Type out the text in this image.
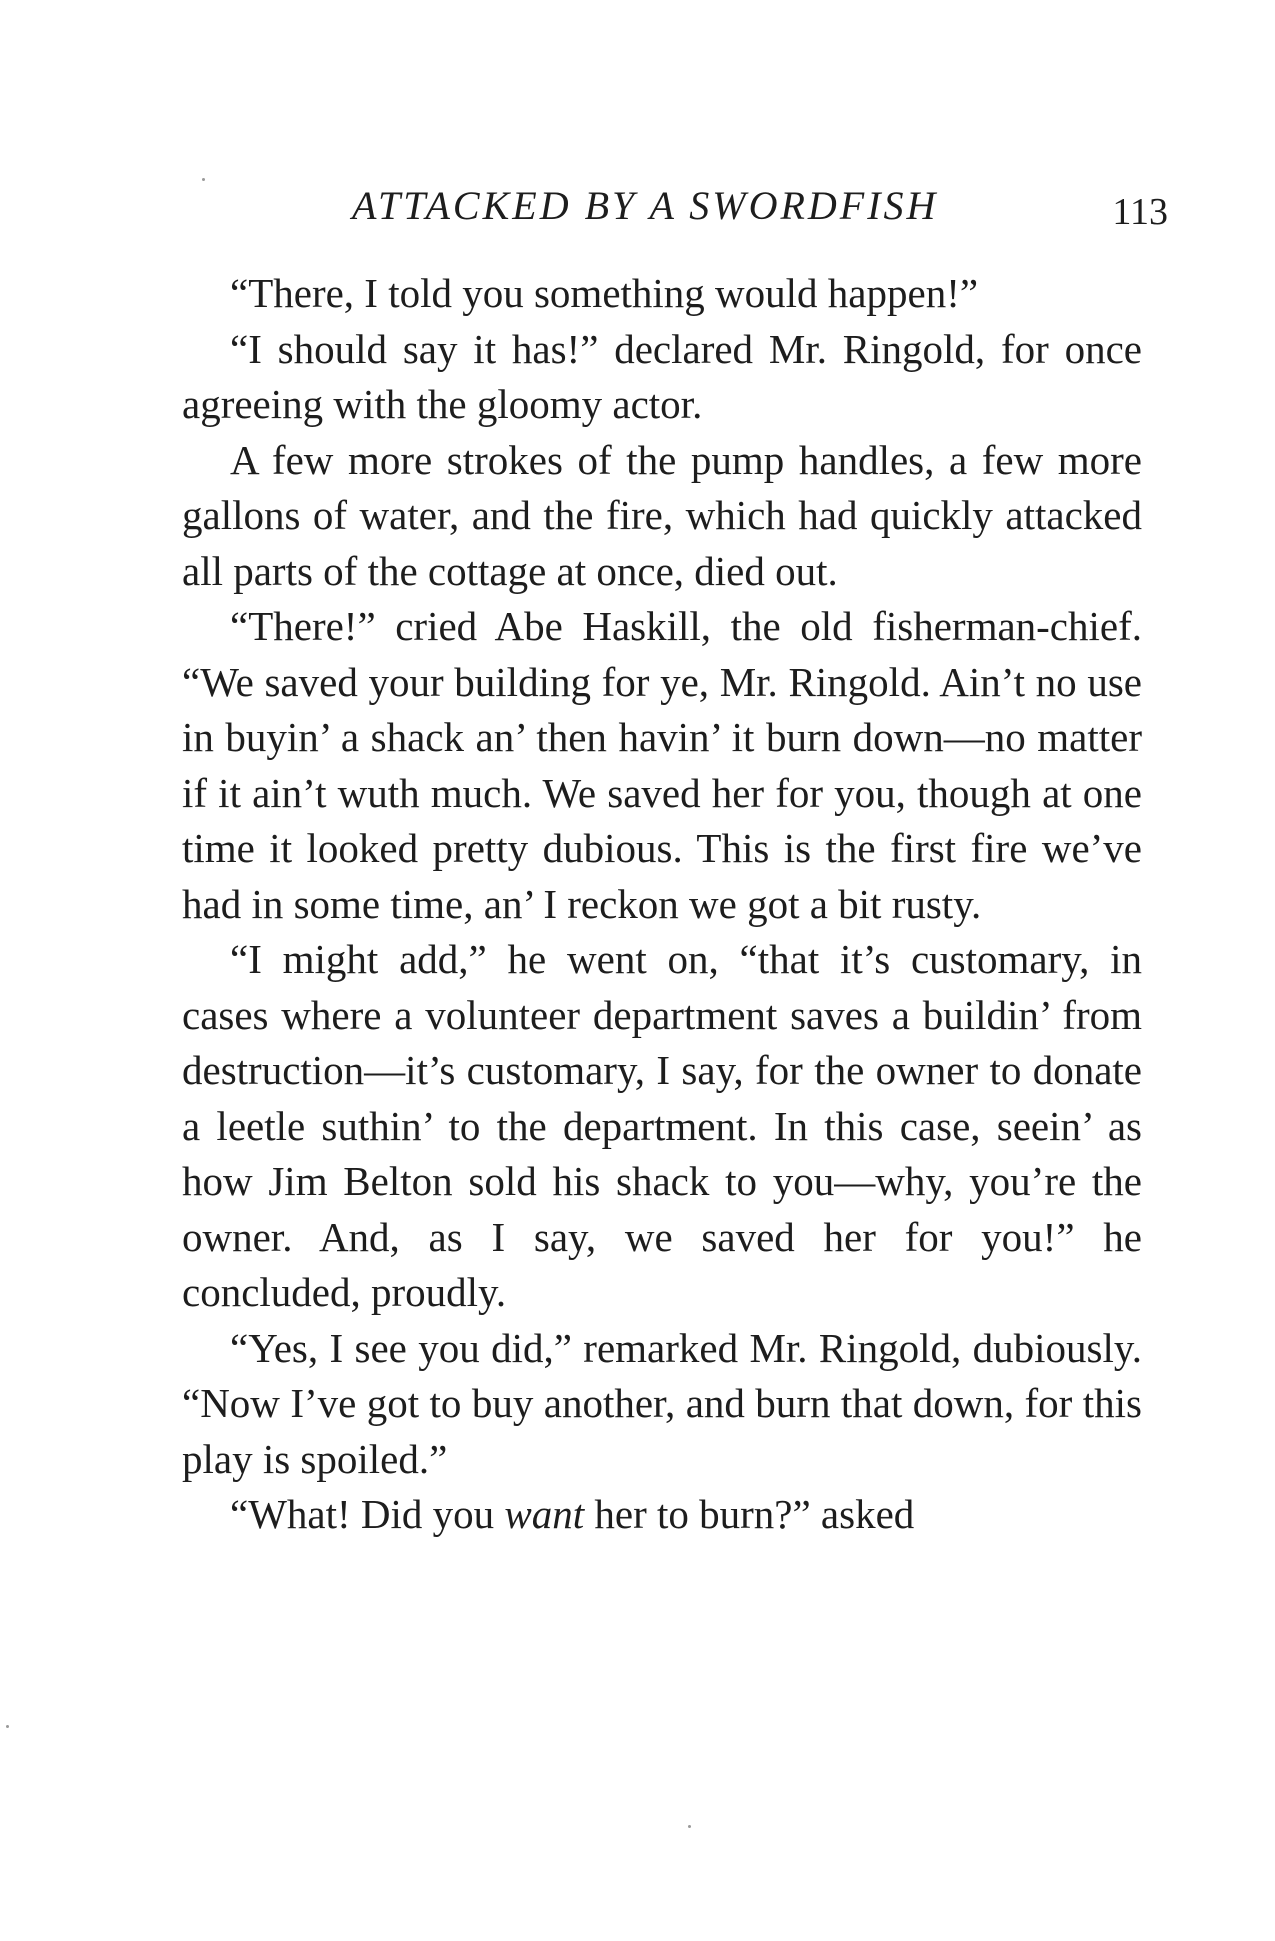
ATTACKED BY A SWORDFISH	113

“There, I told you something would happen!”

“I should say it has!” declared Mr. Ringold, for once agreeing with the gloomy actor.

A few more strokes of the pump handles, a few more gallons of water, and the fire, which had quickly attacked all parts of the cottage at once, died out.

“There!” cried Abe Haskill, the old fisherman-chief. “We saved your building for ye, Mr. Ringold. Ain’t no use in buyin’ a shack an’ then havin’ it burn down—no matter if it ain’t wuth much. We saved her for you, though at one time it looked pretty dubious. This is the first fire we’ve had in some time, an’ I reckon we got a bit rusty.

“I might add,” he went on, “that it’s customary, in cases where a volunteer department saves a buildin’ from destruction—it’s customary, I say, for the owner to donate a leetle suthin’ to the department. In this case, seein’ as how Jim Belton sold his shack to you—why, you’re the owner. And, as I say, we saved her for you!” he concluded, proudly.

“Yes, I see you did,” remarked Mr. Ringold, dubiously. “Now I’ve got to buy another, and burn that down, for this play is spoiled.”

“What! Did you want her to burn?” asked
